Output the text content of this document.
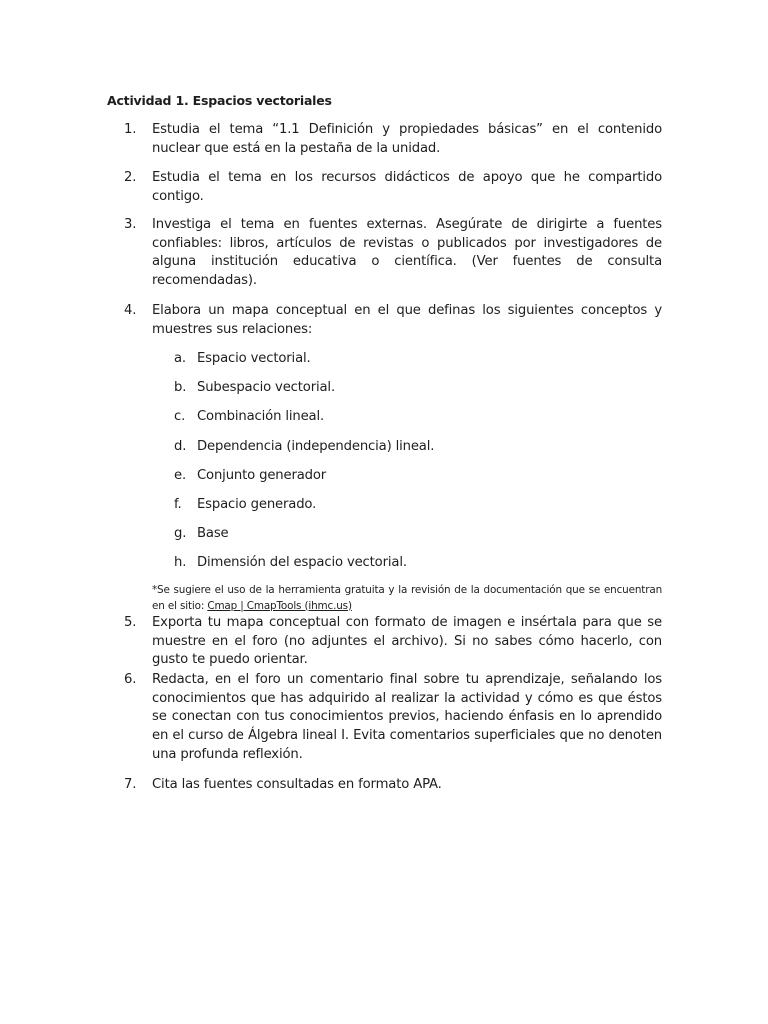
Actividad 1. Espacios vectoriales
1.	Estudia el tema “1.1 Definición y propiedades básicas” en el contenido nuclear que está en la pestaña de la unidad.
2.	Estudia el tema en los recursos didácticos de apoyo que he compartido contigo.
3.	Investiga el tema en fuentes externas. Asegúrate de dirigirte a fuentes confiables: libros, artículos de revistas o publicados por investigadores de alguna institución educativa o científica. (Ver fuentes de consulta recomendadas).
4.	Elabora un mapa conceptual en el que definas los siguientes conceptos y muestres sus relaciones:
a. Espacio vectorial.
b. Subespacio vectorial.
c. Combinación lineal.
d. Dependencia (independencia) lineal.
e. Conjunto generador
f. Espacio generado.
g. Base
h. Dimensión del espacio vectorial.
*Se sugiere el uso de la herramienta gratuita y la revisión de la documentación que se encuentran en el sitio: Cmap | CmapTools (ihmc.us)
5.	Exporta tu mapa conceptual con formato de imagen e insértala para que se muestre en el foro (no adjuntes el archivo). Si no sabes cómo hacerlo, con gusto te puedo orientar.
6.	Redacta, en el foro un comentario final sobre tu aprendizaje, señalando los conocimientos que has adquirido al realizar la actividad y cómo es que éstos se conectan con tus conocimientos previos, haciendo énfasis en lo aprendido en el curso de Álgebra lineal I. Evita comentarios superficiales que no denoten una profunda reflexión.
7.	Cita las fuentes consultadas en formato APA.
